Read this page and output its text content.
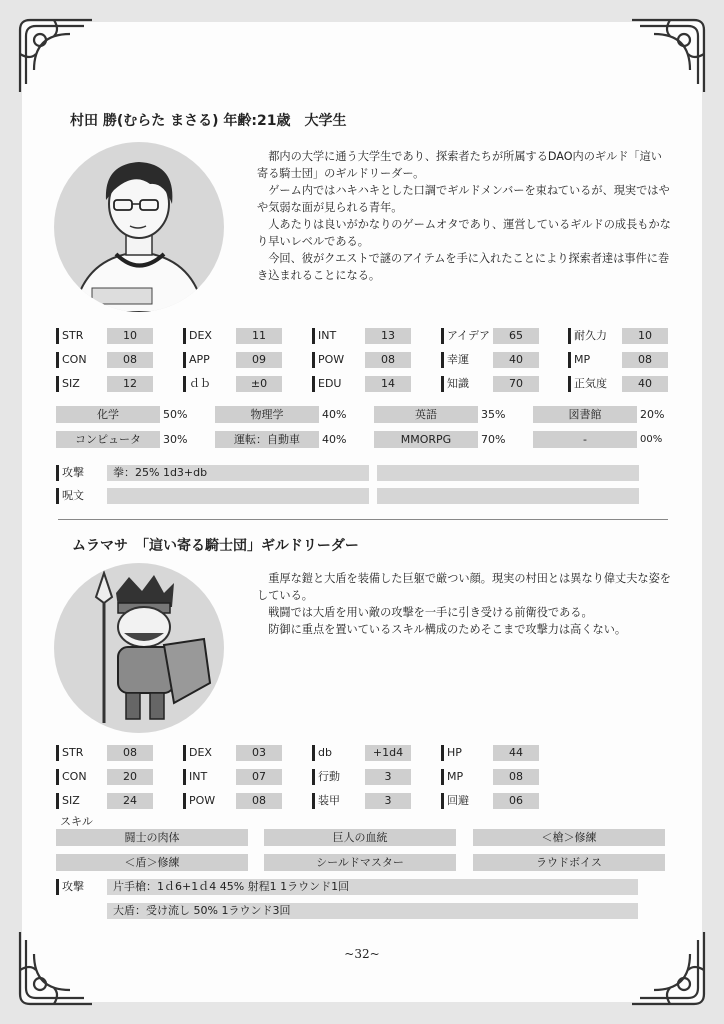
村田 勝(むらた まさる) 年齢:21歳　大学生

都内の大学に通う大学生であり、探索者たちが所属するDAO内のギルド「這い寄る騎士団」のギルドリーダー。

ゲーム内ではハキハキとした口調でギルドメンバーを束ねているが、現実ではやや気弱な面が見られる青年。

人あたりは良いがかなりのゲームオタであり、運営しているギルドの成長もかなり早いレベルである。

今回、彼がクエストで謎のアイテムを手に入れたことにより探索者達は事件に巻き込まれることになる。

STR	10	DEX	11	INT	13	アイデア	65	耐久力	10
CON	08	APP	09	POW	08	幸運	40	MP	08
SIZ	12	ｄｂ	±0	EDU	14	知識	70	正気度	40
化学	50%	物理学	40%	英語	35%	図書館	20%
コンピュータ	30%	運転：自動車	40%	MMORPG	70%	-	00%
攻撃	拳：25% 1d3+db
呪文
ムラマサ　「這い寄る騎士団」ギルドリーダー

重厚な鎧と大盾を装備した巨躯で厳つい顔。現実の村田とは異なり偉丈夫な姿をしている。

戦闘では大盾を用い敵の攻撃を一手に引き受ける前衛役である。

防御に重点を置いているスキル構成のためそこまで攻撃力は高くない。

STR	08	DEX	03	db	+1d4	HP	44
CON	20	INT	07	行動	3	MP	08
SIZ	24	POW	08	装甲	3	回避	06
スキル
闘士の肉体	巨人の血統	＜槍＞修練
＜盾＞修練	シールドマスター	ラウドボイス
攻撃	片手槍：1ｄ6+1ｄ4 45% 射程1 1ラウンド1回
大盾：受け流し 50% 1ラウンド3回
~32~
